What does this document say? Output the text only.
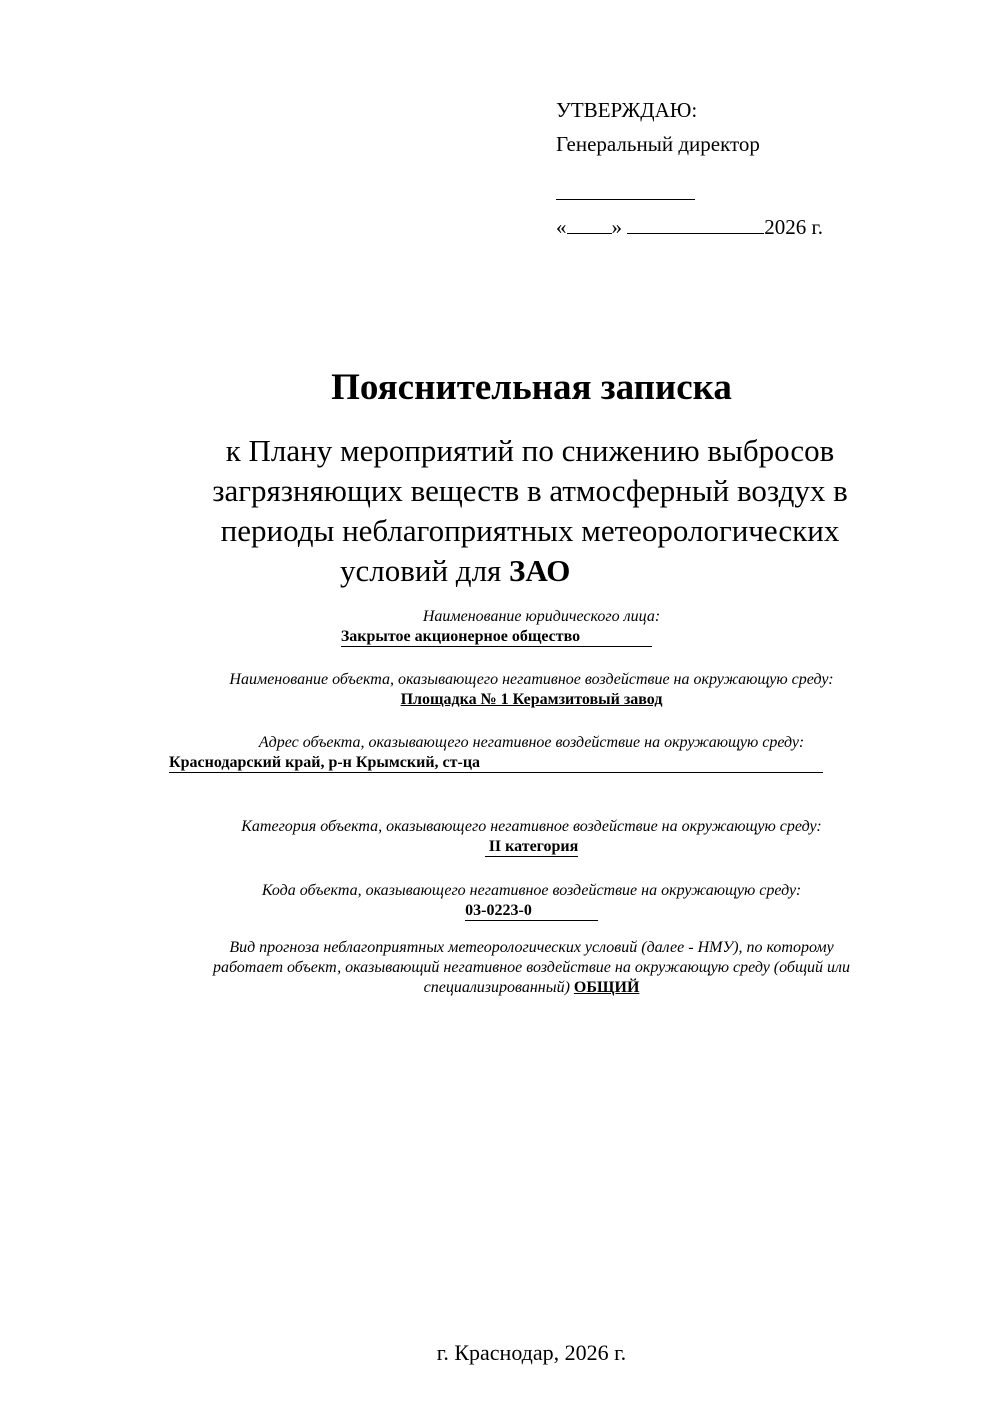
УТВЕРЖДАЮ:
Генеральный директор
« »	2026 г.
Пояснительная записка
к Плану мероприятий по снижению выбросов
загрязняющих веществ в атмосферный воздух в
периоды неблагоприятных метеорологических
условий для ЗАО
Наименование юридического лица:
Закрытое акционерное общество
Наименование объекта, оказывающего негативное воздействие на окружающую среду:
Площадка № 1 Керамзитовый завод
Адрес объекта, оказывающего негативное воздействие на окружающую среду:
Краснодарский край, р-н Крымский, ст-ца
Категория объекта, оказывающего негативное воздействие на окружающую среду:
II категория
Кода объекта, оказывающего негативное воздействие на окружающую среду:
03-0223-0
Вид прогноза неблагоприятных метеорологических условий (далее - НМУ), по которому
работает объект, оказывающий негативное воздействие на окружающую среду (общий или
специализированный) ОБЩИЙ
г. Краснодар, 2026 г.
